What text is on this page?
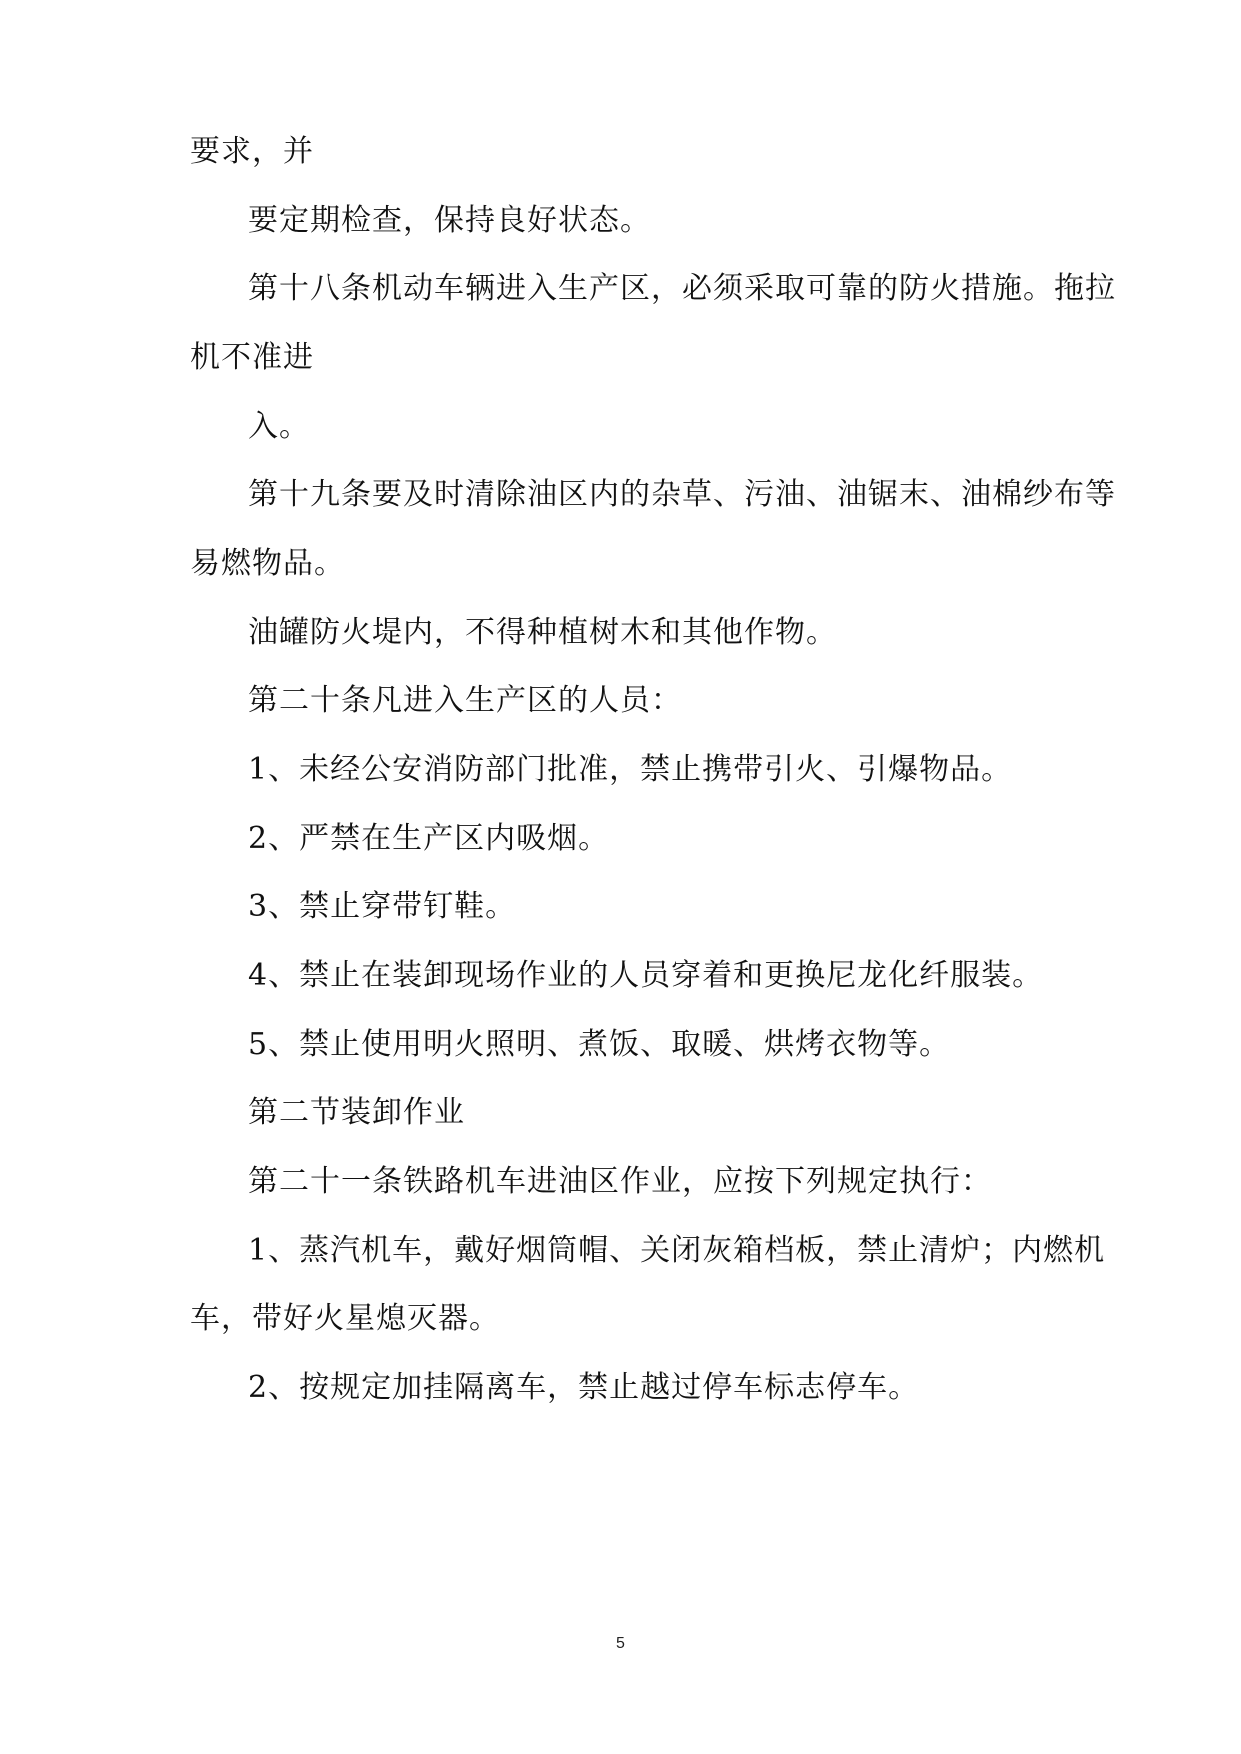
要求，并
要定期检查，保持良好状态。
第十八条机动车辆进入生产区，必须采取可靠的防火措施。拖拉
机不准进
入。
第十九条要及时清除油区内的杂草、污油、油锯末、油棉纱布等
易燃物品。
油罐防火堤内，不得种植树木和其他作物。
第二十条凡进入生产区的人员：
1、未经公安消防部门批准，禁止携带引火、引爆物品。
2、严禁在生产区内吸烟。
3、禁止穿带钉鞋。
4、禁止在装卸现场作业的人员穿着和更换尼龙化纤服装。
5、禁止使用明火照明、煮饭、取暖、烘烤衣物等。
第二节装卸作业
第二十一条铁路机车进油区作业，应按下列规定执行：
1、蒸汽机车，戴好烟筒帽、关闭灰箱档板，禁止清炉；内燃机
车，带好火星熄灭器。
2、按规定加挂隔离车，禁止越过停车标志停车。
5
